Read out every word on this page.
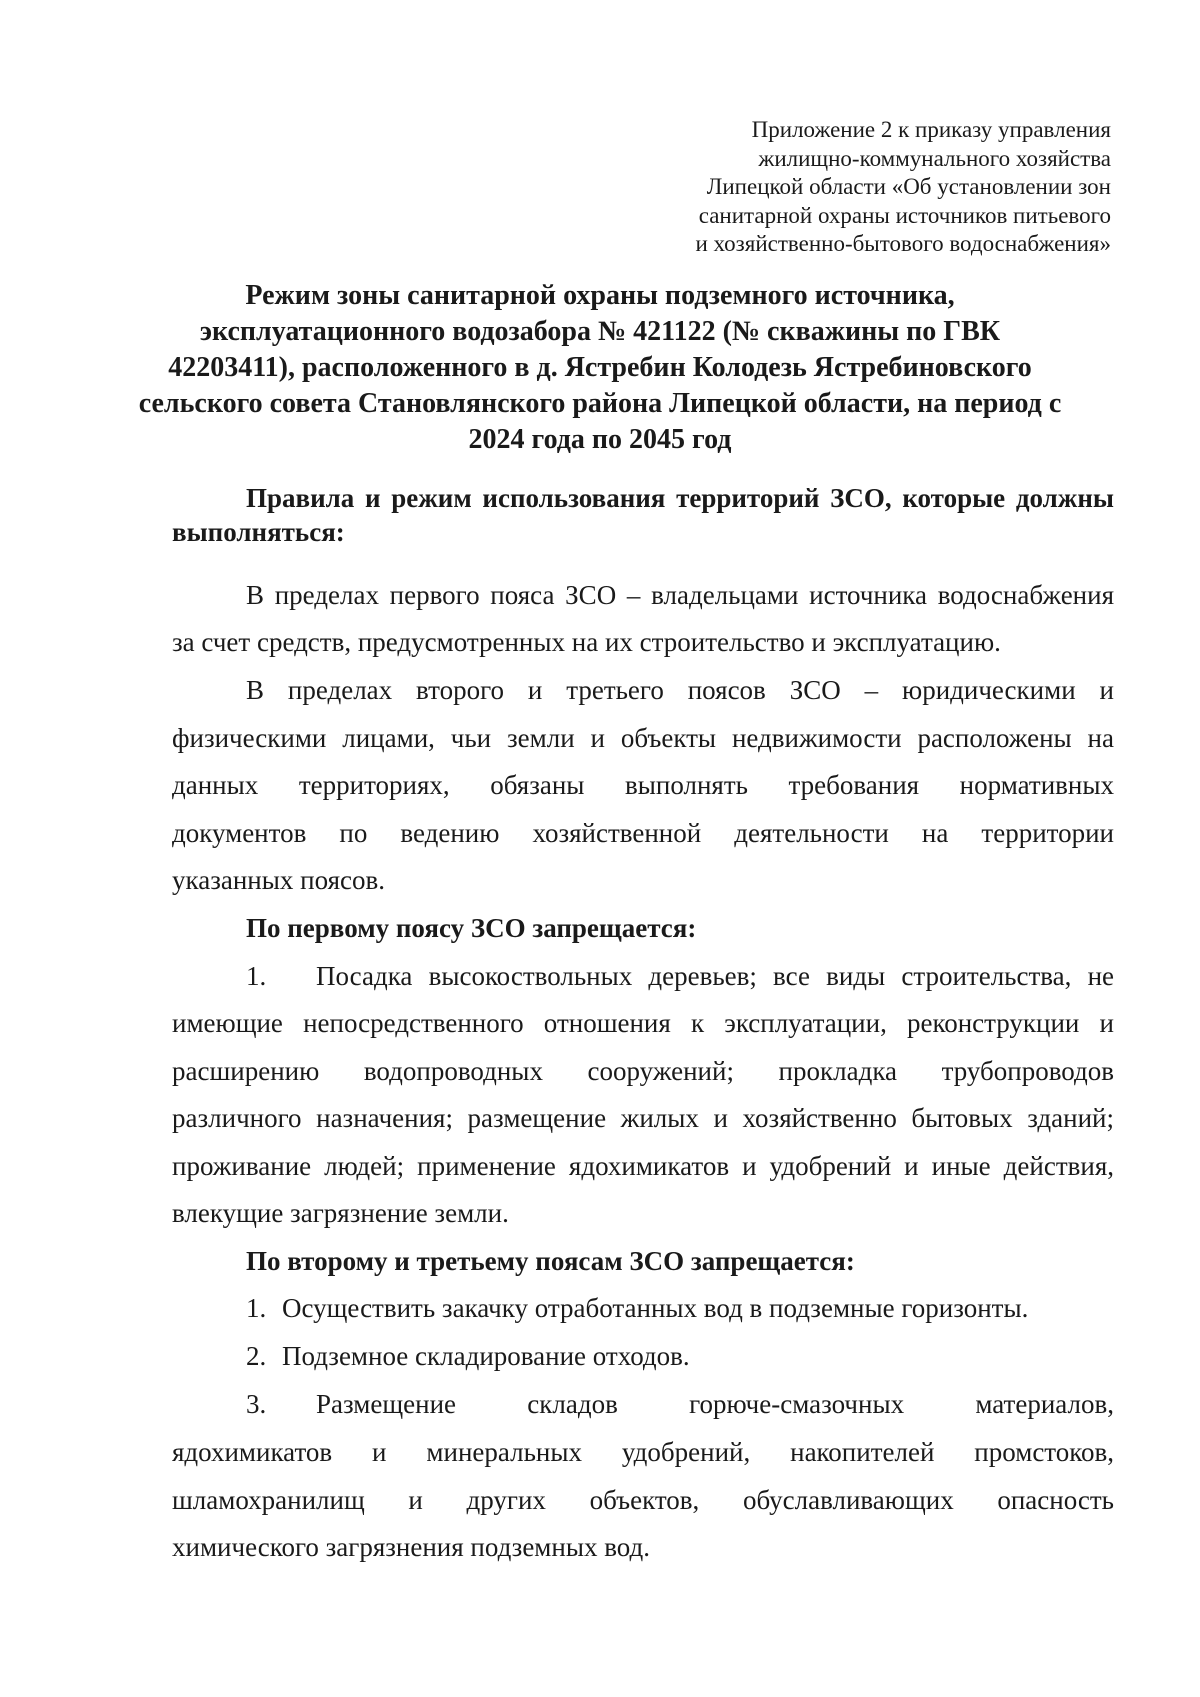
Приложение 2 к приказу управления
жилищно-коммунального хозяйства
Липецкой области «Об установлении зон
санитарной охраны источников питьевого
и хозяйственно-бытового водоснабжения»
Режим зоны санитарной охраны подземного источника,
эксплуатационного водозабора № 421122 (№ скважины по ГВК
42203411), расположенного в д. Ястребин Колодезь Ястребиновского
сельского совета Становлянского района Липецкой области, на период с
2024 года по 2045 год
Правила и режим использования территорий ЗСО, которые должны
выполняться:
В пределах первого пояса ЗСО – владельцами источника водоснабжения
за счет средств, предусмотренных на их строительство и эксплуатацию.
В пределах второго и третьего поясов ЗСО – юридическими и
физическими лицами, чьи земли и объекты недвижимости расположены на
данных территориях, обязаны выполнять требования нормативных
документов по ведению хозяйственной деятельности на территории
указанных поясов.
По первому поясу ЗСО запрещается:
1. Посадка высокоствольных деревьев; все виды строительства, не
имеющие непосредственного отношения к эксплуатации, реконструкции и
расширению водопроводных сооружений; прокладка трубопроводов
различного назначения; размещение жилых и хозяйственно бытовых зданий;
проживание людей; применение ядохимикатов и удобрений и иные действия,
влекущие загрязнение земли.
По второму и третьему поясам ЗСО запрещается:
1. Осуществить закачку отработанных вод в подземные горизонты.
2. Подземное складирование отходов.
3. Размещение складов горюче-смазочных материалов,
ядохимикатов и минеральных удобрений, накопителей промстоков,
шламохранилищ и других объектов, обуславливающих опасность
химического загрязнения подземных вод.
